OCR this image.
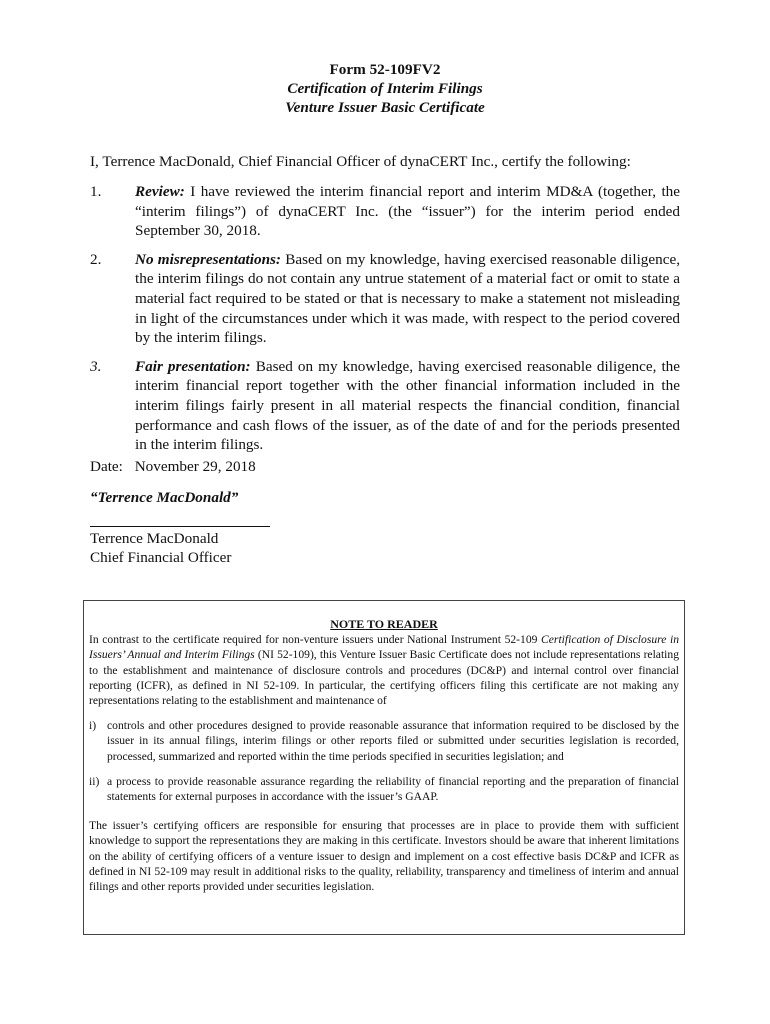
Form 52-109FV2
Certification of Interim Filings
Venture Issuer Basic Certificate
I, Terrence MacDonald, Chief Financial Officer of dynaCERT Inc., certify the following:
1. Review: I have reviewed the interim financial report and interim MD&A (together, the “interim filings”) of dynaCERT Inc. (the “issuer”) for the interim period ended September 30, 2018.
2. No misrepresentations: Based on my knowledge, having exercised reasonable diligence, the interim filings do not contain any untrue statement of a material fact or omit to state a material fact required to be stated or that is necessary to make a statement not misleading in light of the circumstances under which it was made, with respect to the period covered by the interim filings.
3. Fair presentation: Based on my knowledge, having exercised reasonable diligence, the interim financial report together with the other financial information included in the interim filings fairly present in all material respects the financial condition, financial performance and cash flows of the issuer, as of the date of and for the periods presented in the interim filings.
Date: November 29, 2018
“Terrence MacDonald”
Terrence MacDonald
Chief Financial Officer
NOTE TO READER

In contrast to the certificate required for non-venture issuers under National Instrument 52-109 Certification of Disclosure in Issuers’ Annual and Interim Filings (NI 52-109), this Venture Issuer Basic Certificate does not include representations relating to the establishment and maintenance of disclosure controls and procedures (DC&P) and internal control over financial reporting (ICFR), as defined in NI 52-109. In particular, the certifying officers filing this certificate are not making any representations relating to the establishment and maintenance of

i) controls and other procedures designed to provide reasonable assurance that information required to be disclosed by the issuer in its annual filings, interim filings or other reports filed or submitted under securities legislation is recorded, processed, summarized and reported within the time periods specified in securities legislation; and
ii) a process to provide reasonable assurance regarding the reliability of financial reporting and the preparation of financial statements for external purposes in accordance with the issuer’s GAAP.

The issuer’s certifying officers are responsible for ensuring that processes are in place to provide them with sufficient knowledge to support the representations they are making in this certificate. Investors should be aware that inherent limitations on the ability of certifying officers of a venture issuer to design and implement on a cost effective basis DC&P and ICFR as defined in NI 52-109 may result in additional risks to the quality, reliability, transparency and timeliness of interim and annual filings and other reports provided under securities legislation.
